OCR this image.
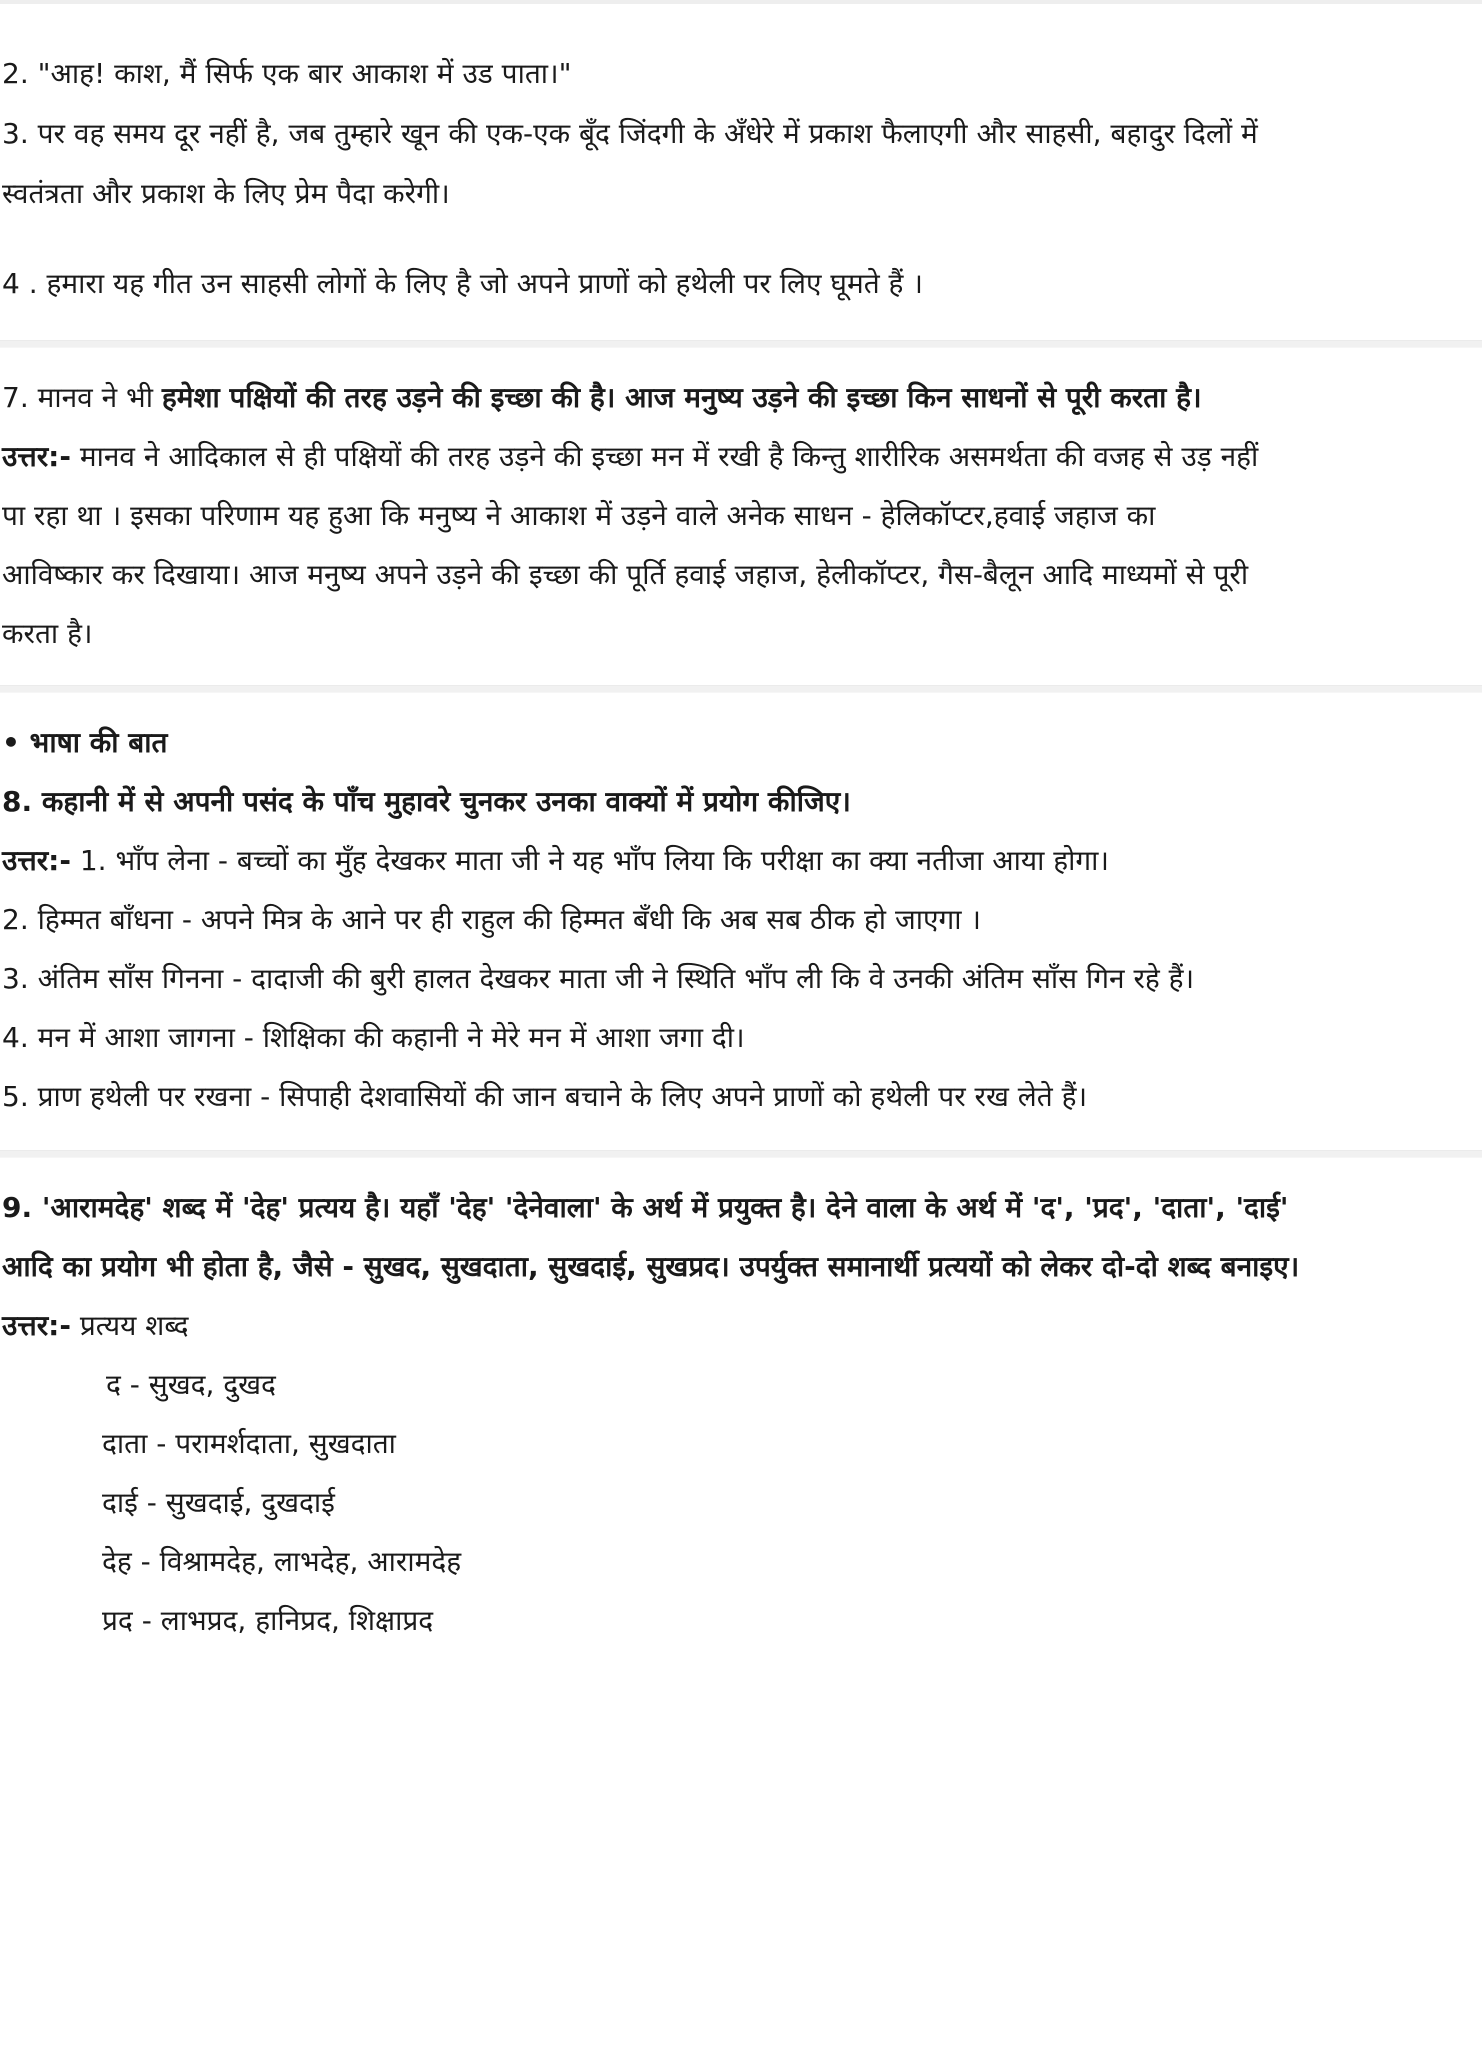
2. "आह! काश, मैं सिर्फ एक बार आकाश में उड पाता।"

3. पर वह समय दूर नहीं है, जब तुम्हारे खून की एक-एक बूँद जिंदगी के अँधेरे में प्रकाश फैलाएगी और साहसी, बहादुर दिलों में

स्वतंत्रता और प्रकाश के लिए प्रेम पैदा करेगी।

4 . हमारा यह गीत उन साहसी लोगों के लिए है जो अपने प्राणों को हथेली पर लिए घूमते हैं ।

7. मानव ने भी हमेशा पक्षियों की तरह उड़ने की इच्छा की है। आज मनुष्य उड़ने की इच्छा किन साधनों से पूरी करता है।

उत्तर:- मानव ने आदिकाल से ही पक्षियों की तरह उड़ने की इच्छा मन में रखी है किन्तु शारीरिक असमर्थता की वजह से उड़ नहीं

पा रहा था । इसका परिणाम यह हुआ कि मनुष्य ने आकाश में उड़ने वाले अनेक साधन - हेलिकॉप्टर,हवाई जहाज का

आविष्कार कर दिखाया। आज मनुष्य अपने उड़ने की इच्छा की पूर्ति हवाई जहाज, हेलीकॉप्टर, गैस-बैलून आदि माध्यमों से पूरी

करता है।

• भाषा की बात

8. कहानी में से अपनी पसंद के पाँच मुहावरे चुनकर उनका वाक्यों में प्रयोग कीजिए।

उत्तर:- 1. भाँप लेना - बच्चों का मुँह देखकर माता जी ने यह भाँप लिया कि परीक्षा का क्या नतीजा आया होगा।

2. हिम्मत बाँधना - अपने मित्र के आने पर ही राहुल की हिम्मत बँधी कि अब सब ठीक हो जाएगा ।

3. अंतिम साँस गिनना - दादाजी की बुरी हालत देखकर माता जी ने स्थिति भाँप ली कि वे उनकी अंतिम साँस गिन रहे हैं।

4. मन में आशा जागना - शिक्षिका की कहानी ने मेरे मन में आशा जगा दी।

5. प्राण हथेली पर रखना - सिपाही देशवासियों की जान बचाने के लिए अपने प्राणों को हथेली पर रख लेते हैं।

9. 'आरामदेह' शब्द में 'देह' प्रत्यय है। यहाँ 'देह' 'देनेवाला' के अर्थ में प्रयुक्त है। देने वाला के अर्थ में 'द', 'प्रद', 'दाता', 'दाई'

आदि का प्रयोग भी होता है, जैसे - सुखद, सुखदाता, सुखदाई, सुखप्रद। उपर्युक्त समानार्थी प्रत्ययों को लेकर दो-दो शब्द बनाइए।

उत्तर:- प्रत्यय शब्द

द - सुखद, दुखद

दाता - परामर्शदाता, सुखदाता

दाई - सुखदाई, दुखदाई

देह - विश्रामदेह, लाभदेह, आरामदेह

प्रद - लाभप्रद, हानिप्रद, शिक्षाप्रद
